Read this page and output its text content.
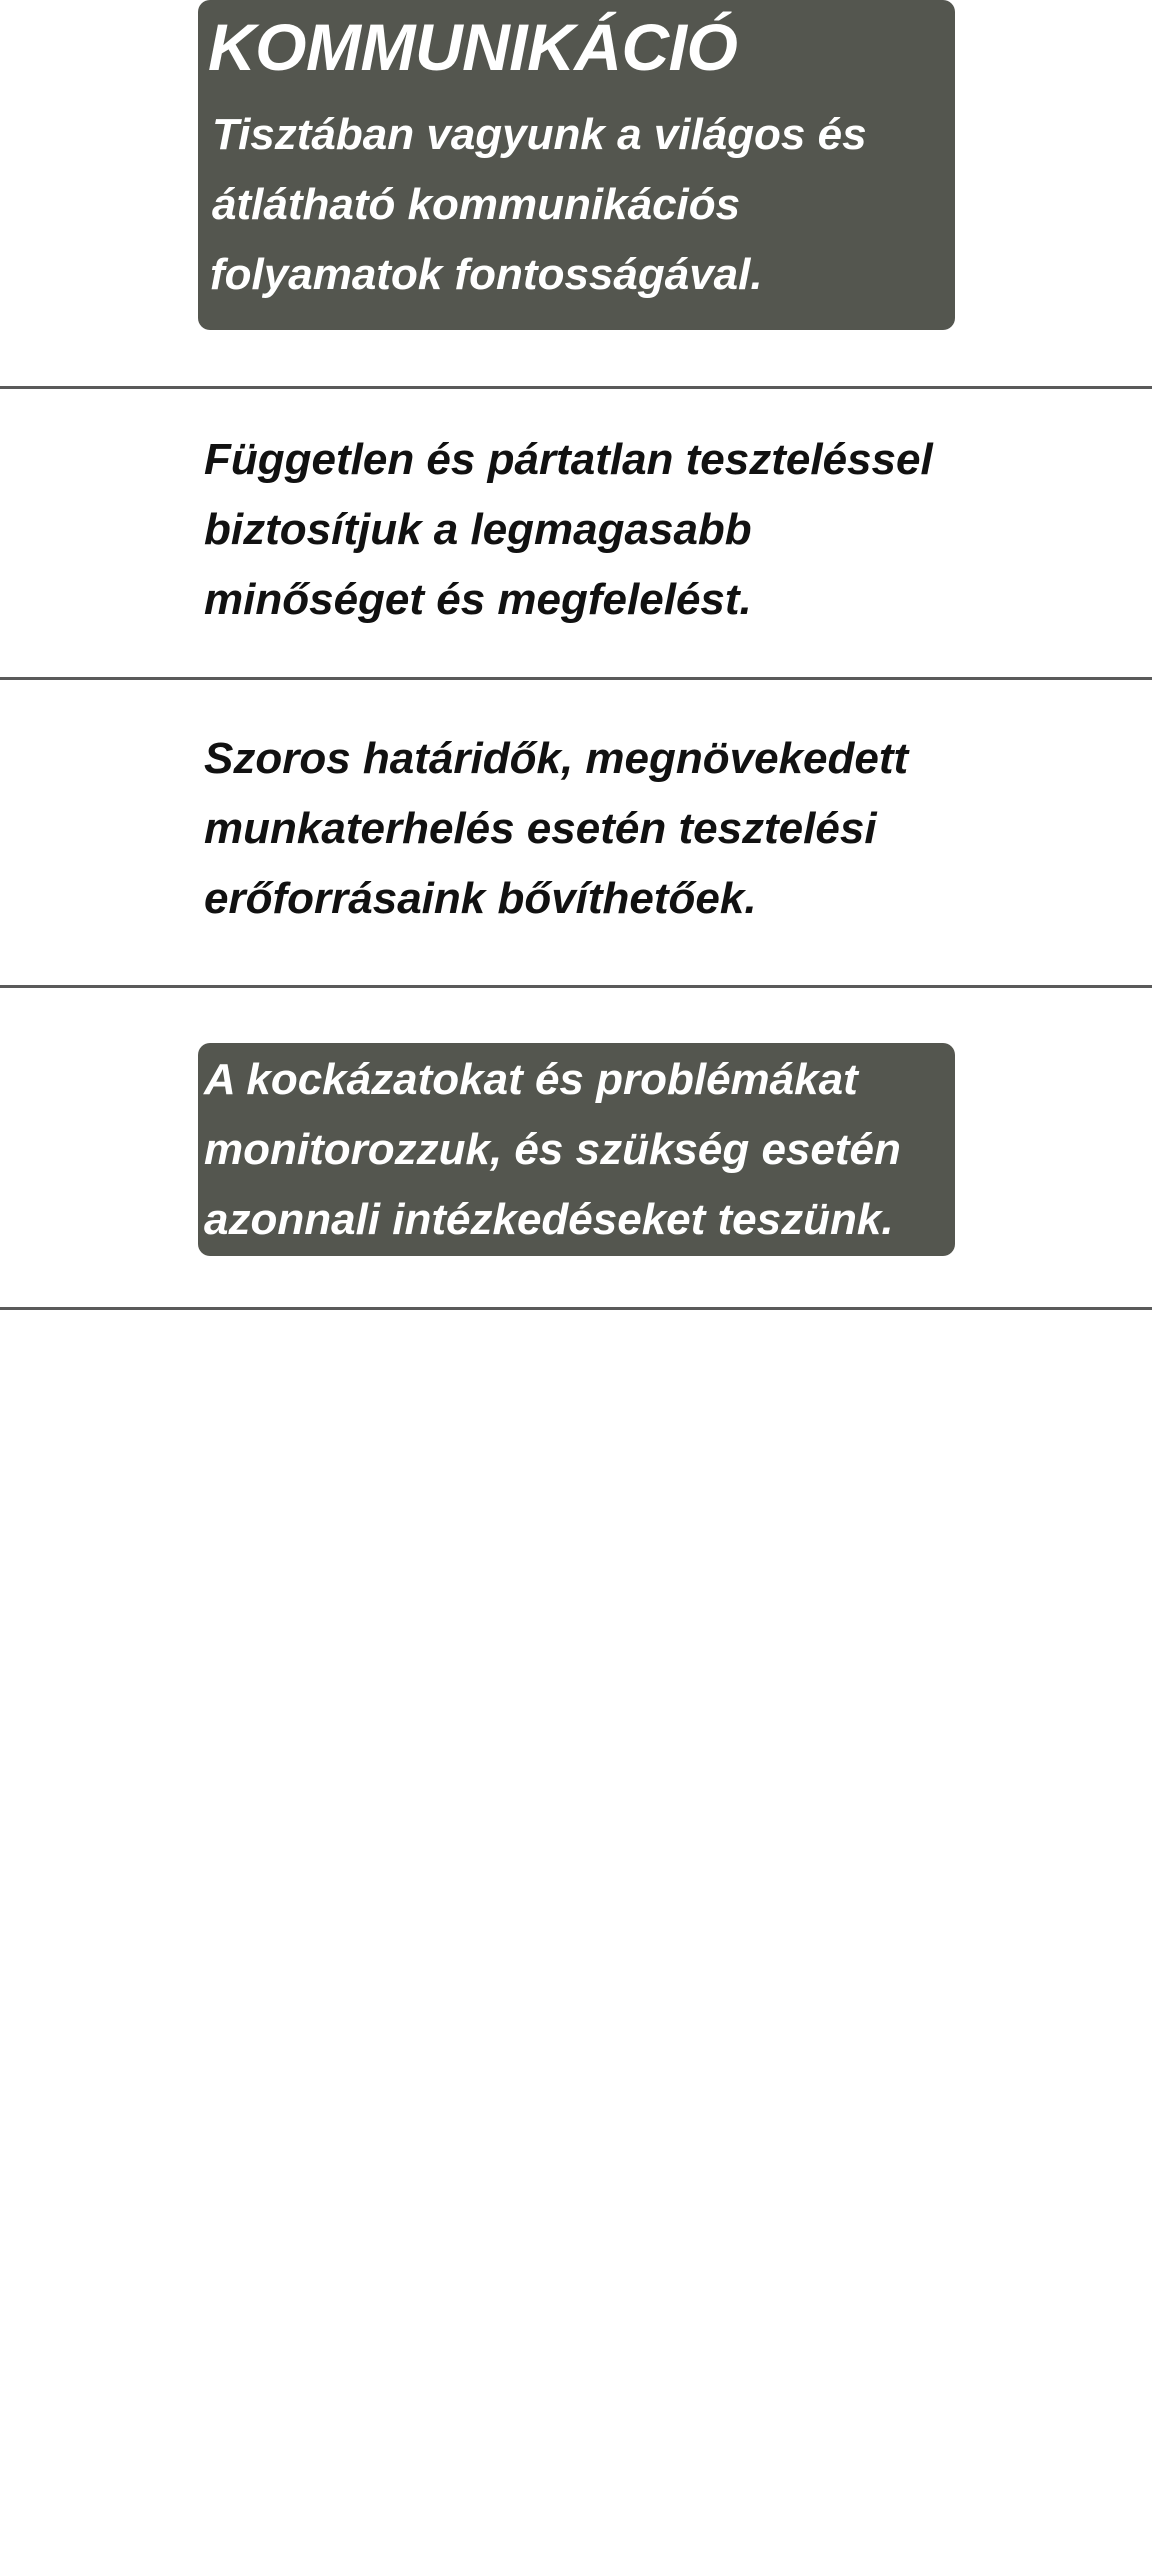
KOMMUNIKÁCIÓ

Tisztában vagyunk a világos és

átlátható kommunikációs

folyamatok fontosságával.

Független és pártatlan teszteléssel

biztosítjuk a legmagasabb

minőséget és megfelelést.

Szoros határidők, megnövekedett

munkaterhelés esetén tesztelési

erőforrásaink bővíthetőek.

A kockázatokat és problémákat

monitorozzuk, és szükség esetén

azonnali intézkedéseket teszünk.
